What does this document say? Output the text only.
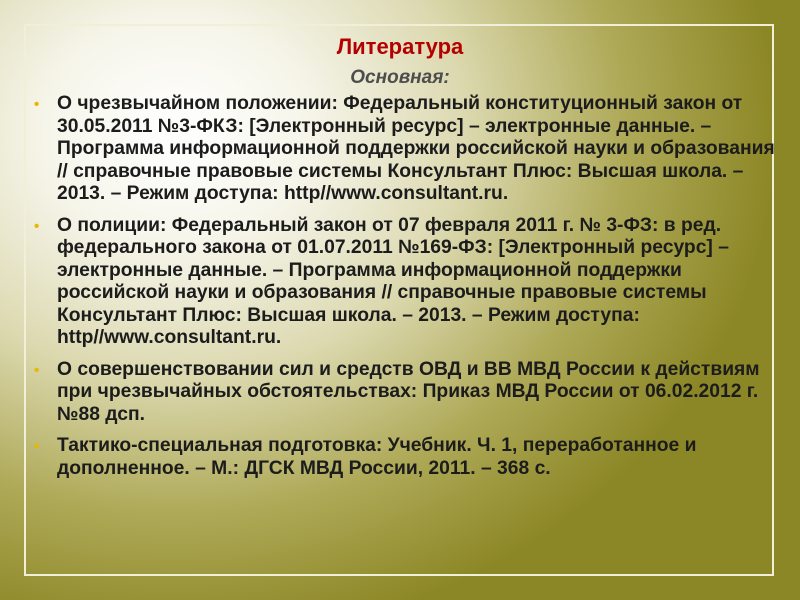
Литература
Основная:
• О чрезвычайном положении: Федеральный конституционный закон от 30.05.2011 №3-ФКЗ: [Электронный ресурс] – электронные данные. – Программа информационной поддержки российской науки и образования // справочные правовые системы Консультант Плюс: Высшая школа. – 2013. – Режим доступа: http//www.consultant.ru.
• О полиции: Федеральный закон от 07 февраля 2011 г. № 3-ФЗ: в ред. федерального закона от 01.07.2011 №169-ФЗ: [Электронный ресурс] – электронные данные. – Программа информационной поддержки российской науки и образования // справочные правовые системы Консультант Плюс: Высшая школа. – 2013. – Режим доступа: http//www.consultant.ru.
• О совершенствовании сил и средств ОВД и ВВ МВД России к действиям при чрезвычайных обстоятельствах: Приказ МВД России от 06.02.2012 г. №88 дсп.
• Тактико-специальная подготовка: Учебник. Ч. 1, переработанное и дополненное. – М.: ДГСК МВД России, 2011. – 368 с.
